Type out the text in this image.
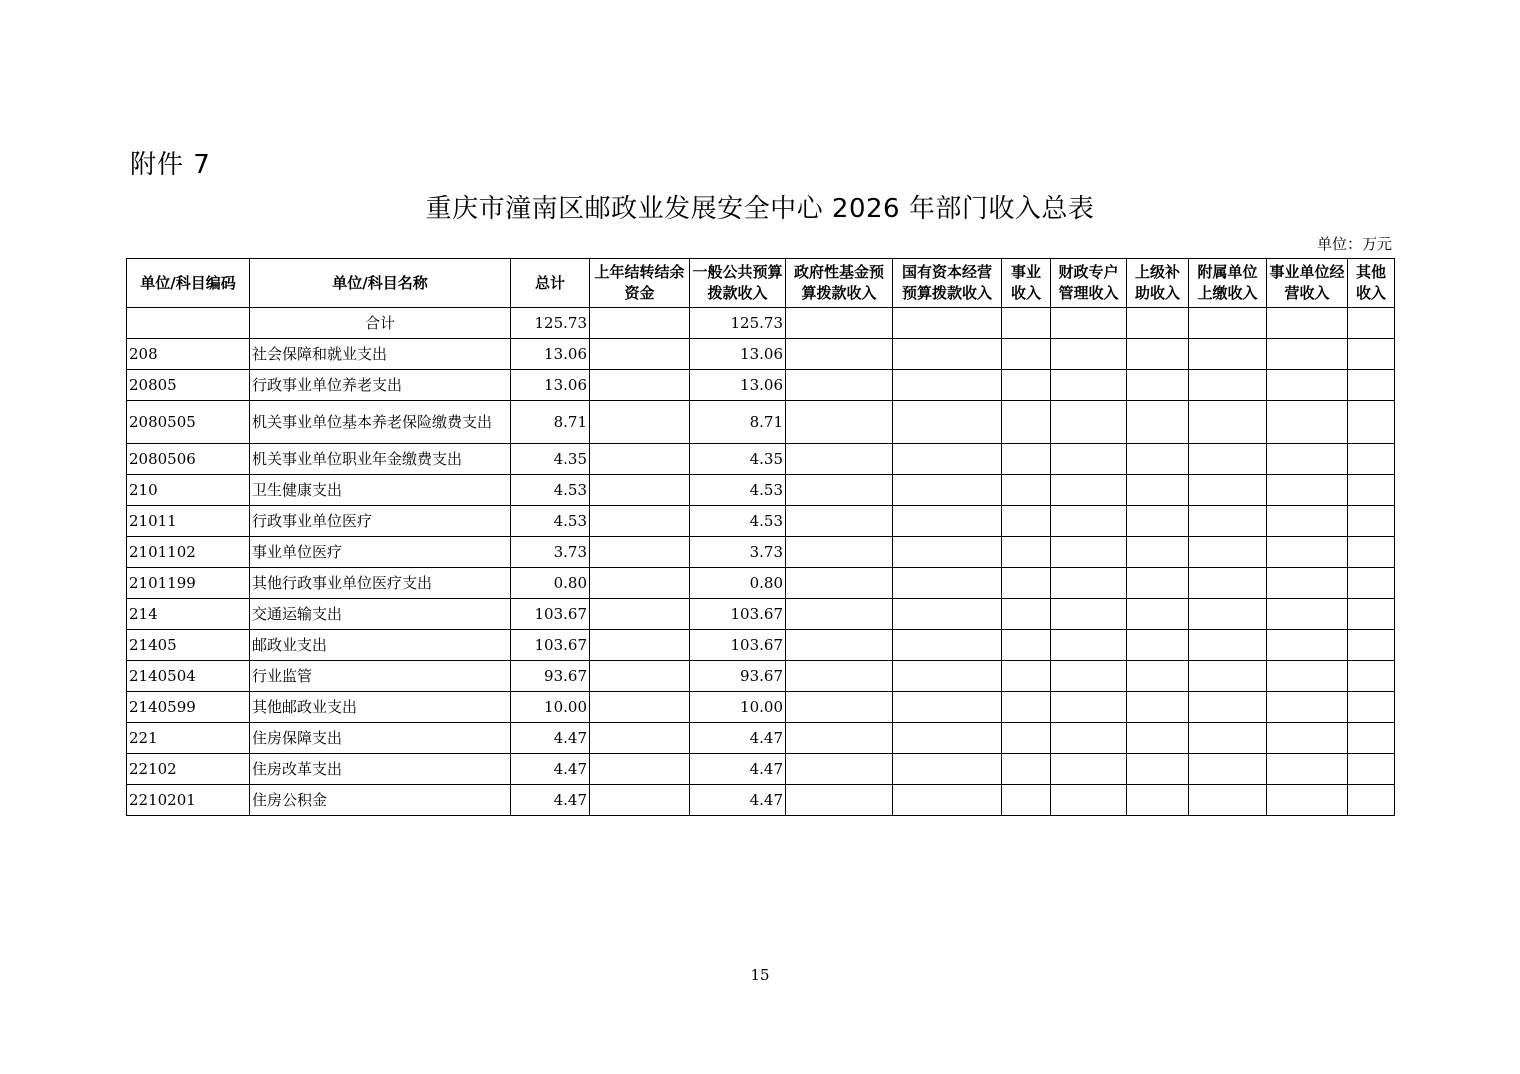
附件 7
重庆市潼南区邮政业发展安全中心 2026 年部门收入总表
单位：万元
单位/科目编码	单位/科目名称	总计	上年结转结余资金	一般公共预算拨款收入	政府性基金预算拨款收入	国有资本经营预算拨款收入	事业收入	财政专户管理收入	上级补助收入	附属单位上缴收入	事业单位经营收入	其他收入
	合计	125.73		125.73								
208	社会保障和就业支出	13.06		13.06								
20805	行政事业单位养老支出	13.06		13.06								
2080505	机关事业单位基本养老保险缴费支出	8.71		8.71								
2080506	机关事业单位职业年金缴费支出	4.35		4.35								
210	卫生健康支出	4.53		4.53								
21011	行政事业单位医疗	4.53		4.53								
2101102	事业单位医疗	3.73		3.73								
2101199	其他行政事业单位医疗支出	0.80		0.80								
214	交通运输支出	103.67		103.67								
21405	邮政业支出	103.67		103.67								
2140504	行业监管	93.67		93.67								
2140599	其他邮政业支出	10.00		10.00								
221	住房保障支出	4.47		4.47								
22102	住房改革支出	4.47		4.47								
2210201	住房公积金	4.47		4.47								
15
